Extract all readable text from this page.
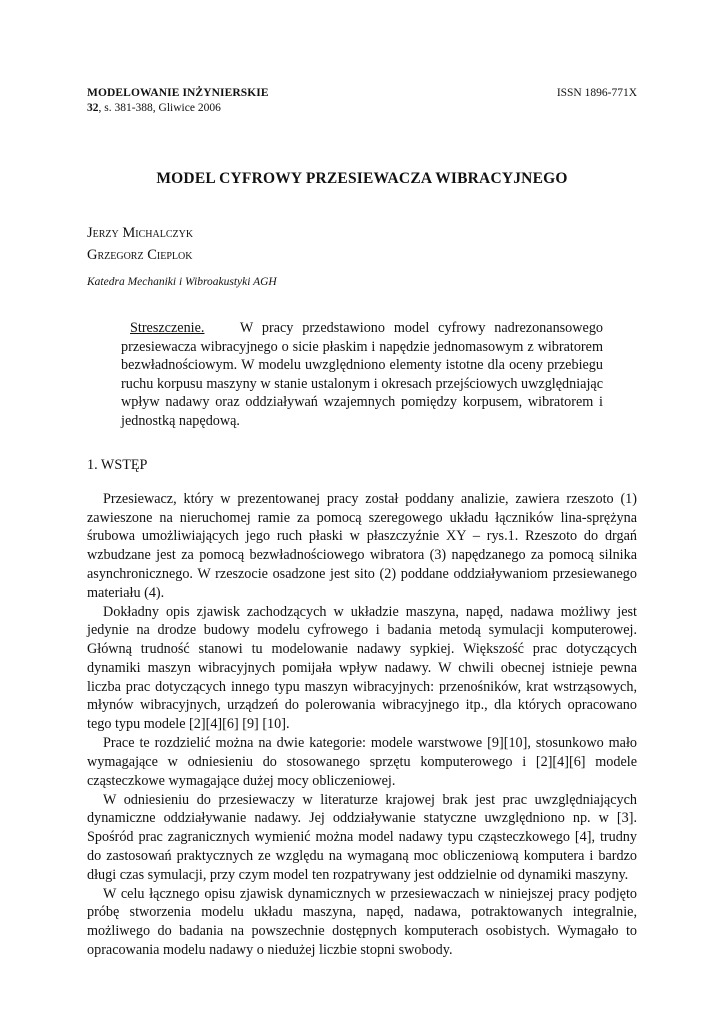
MODELOWANIE INŻYNIERSKIE	ISSN 1896-771X
32, s. 381-388, Gliwice 2006
MODEL CYFROWY PRZESIEWACZA WIBRACYJNEGO
Jerzy Michalczyk
Grzegorz Cieplok
Katedra Mechaniki i Wibroakustyki AGH
Streszczenie. W pracy przedstawiono model cyfrowy nadrezonansowego przesiewacza wibracyjnego o sicie płaskim i napędzie jednomasowym z wibratorem bezwładnościowym. W modelu uwzględniono elementy istotne dla oceny przebiegu ruchu korpusu maszyny w stanie ustalonym i okresach przejściowych uwzględniając wpływ nadawy oraz oddziaływań wzajemnych pomiędzy korpusem, wibratorem i jednostką napędową.
1. WSTĘP

Przesiewacz, który w prezentowanej pracy został poddany analizie, zawiera rzeszoto (1) zawieszone na nieruchomej ramie za pomocą szeregowego układu łączników lina-sprężyna śrubowa umożliwiających jego ruch płaski w płaszczyźnie XY – rys.1. Rzeszoto do drgań wzbudzane jest za pomocą bezwładnościowego wibratora (3) napędzanego za pomocą silnika asynchronicznego. W rzeszocie osadzone jest sito (2) poddane oddziaływaniom przesiewanego materiału (4).

Dokładny opis zjawisk zachodzących w układzie maszyna, napęd, nadawa możliwy jest jedynie na drodze budowy modelu cyfrowego i badania metodą symulacji komputerowej. Główną trudność stanowi tu modelowanie nadawy sypkiej. Większość prac dotyczących dynamiki maszyn wibracyjnych pomijała wpływ nadawy. W chwili obecnej istnieje pewna liczba prac dotyczących innego typu maszyn wibracyjnych: przenośników, krat wstrząsowych, młynów wibracyjnych, urządzeń do polerowania wibracyjnego itp., dla których opracowano tego typu modele [2][4][6] [9] [10].

Prace te rozdzielić można na dwie kategorie: modele warstwowe [9][10], stosunkowo mało wymagające w odniesieniu do stosowanego sprzętu komputerowego i [2][4][6] modele cząsteczkowe wymagające dużej mocy obliczeniowej.

W odniesieniu do przesiewaczy w literaturze krajowej brak jest prac uwzględniających dynamiczne oddziaływanie nadawy. Jej oddziaływanie statyczne uwzględniono np. w [3]. Spośród prac zagranicznych wymienić można model nadawy typu cząsteczkowego [4], trudny do zastosowań praktycznych ze względu na wymaganą moc obliczeniową komputera i bardzo długi czas symulacji, przy czym model ten rozpatrywany jest oddzielnie od dynamiki maszyny.

W celu łącznego opisu zjawisk dynamicznych w przesiewaczach w niniejszej pracy podjęto próbę stworzenia modelu układu maszyna, napęd, nadawa, potraktowanych integralnie, możliwego do badania na powszechnie dostępnych komputerach osobistych. Wymagało to opracowania modelu nadawy o niedużej liczbie stopni swobody.
